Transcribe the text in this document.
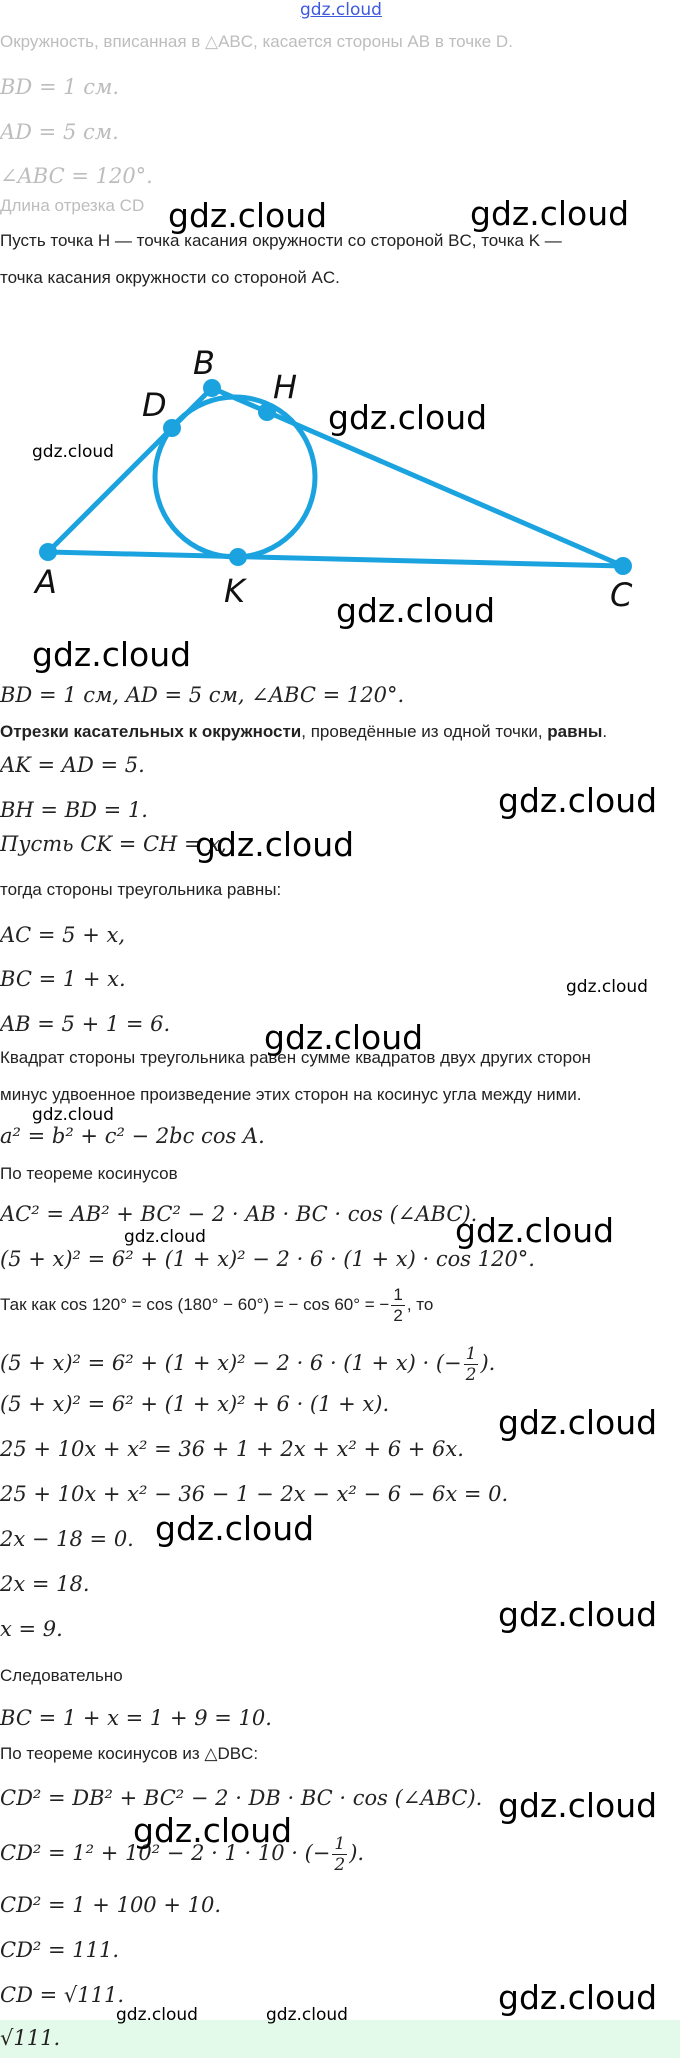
gdz.cloud
Окружность, вписанная в △ABC, касается стороны AB в точке D.
BD = 1 см.
AD = 5 см.
∠ABC = 120°.
Длина отрезка CD
Пусть точка H — точка касания окружности со стороной BC, точка K —
точка касания окружности со стороной AC.
A
B
C
D	H
K
BD = 1 см, AD = 5 см, ∠ABC = 120°.
Отрезки касательных к окружности, проведённые из одной точки, равны.
AK = AD = 5.
BH = BD = 1.
Пусть CK = CH = x,
тогда стороны треугольника равны:
AC = 5 + x,
BC = 1 + x.
AB = 5 + 1 = 6.
Квадрат стороны треугольника равен сумме квадратов двух других сторон
минус удвоенное произведение этих сторон на косинус угла между ними.
a² = b² + c² − 2bc cos A.
По теореме косинусов
AC² = AB² + BC² − 2 · AB · BC · cos (∠ABC).
(5 + x)² = 6² + (1 + x)² − 2 · 6 · (1 + x) · cos 120°.
Так как cos 120° = cos (180° − 60°) = − cos 60° = − $\frac{1}{2}$ , то
(5 + x)² = 6² + (1 + x)² − 2 · 6 · (1 + x) · (− $\frac{1}{2}$ ).
(5 + x)² = 6² + (1 + x)² + 6 · (1 + x).
25 + 10x + x² = 36 + 1 + 2x + x² + 6 + 6x.
25 + 10x + x² − 36 − 1 − 2x − x² − 6 − 6x = 0.
2x − 18 = 0.
2x = 18.
x = 9.
Следовательно
BC = 1 + x = 1 + 9 = 10.
По теореме косинусов из △DBC:
CD² = DB² + BC² − 2 · DB · BC · cos (∠ABC).
CD² = 1² + 10² − 2 · 1 · 10 · (− $\frac{1}{2}$ ).
CD² = 1 + 100 + 10.
CD² = 111.
CD = √111.
√111.
gdz.cloud	gdz.cloud
gdz.cloud
gdz.cloud
gdz.cloud
gdz.cloud
gdz.cloud
gdz.cloud
gdz.cloud
gdz.cloud
gdz.cloud
gdz.cloud	gdz.cloud
gdz.cloud
gdz.cloud
gdz.cloud
gdz.cloud
gdz.cloud
gdz.cloud
gdz.cloud	gdz.cloud
